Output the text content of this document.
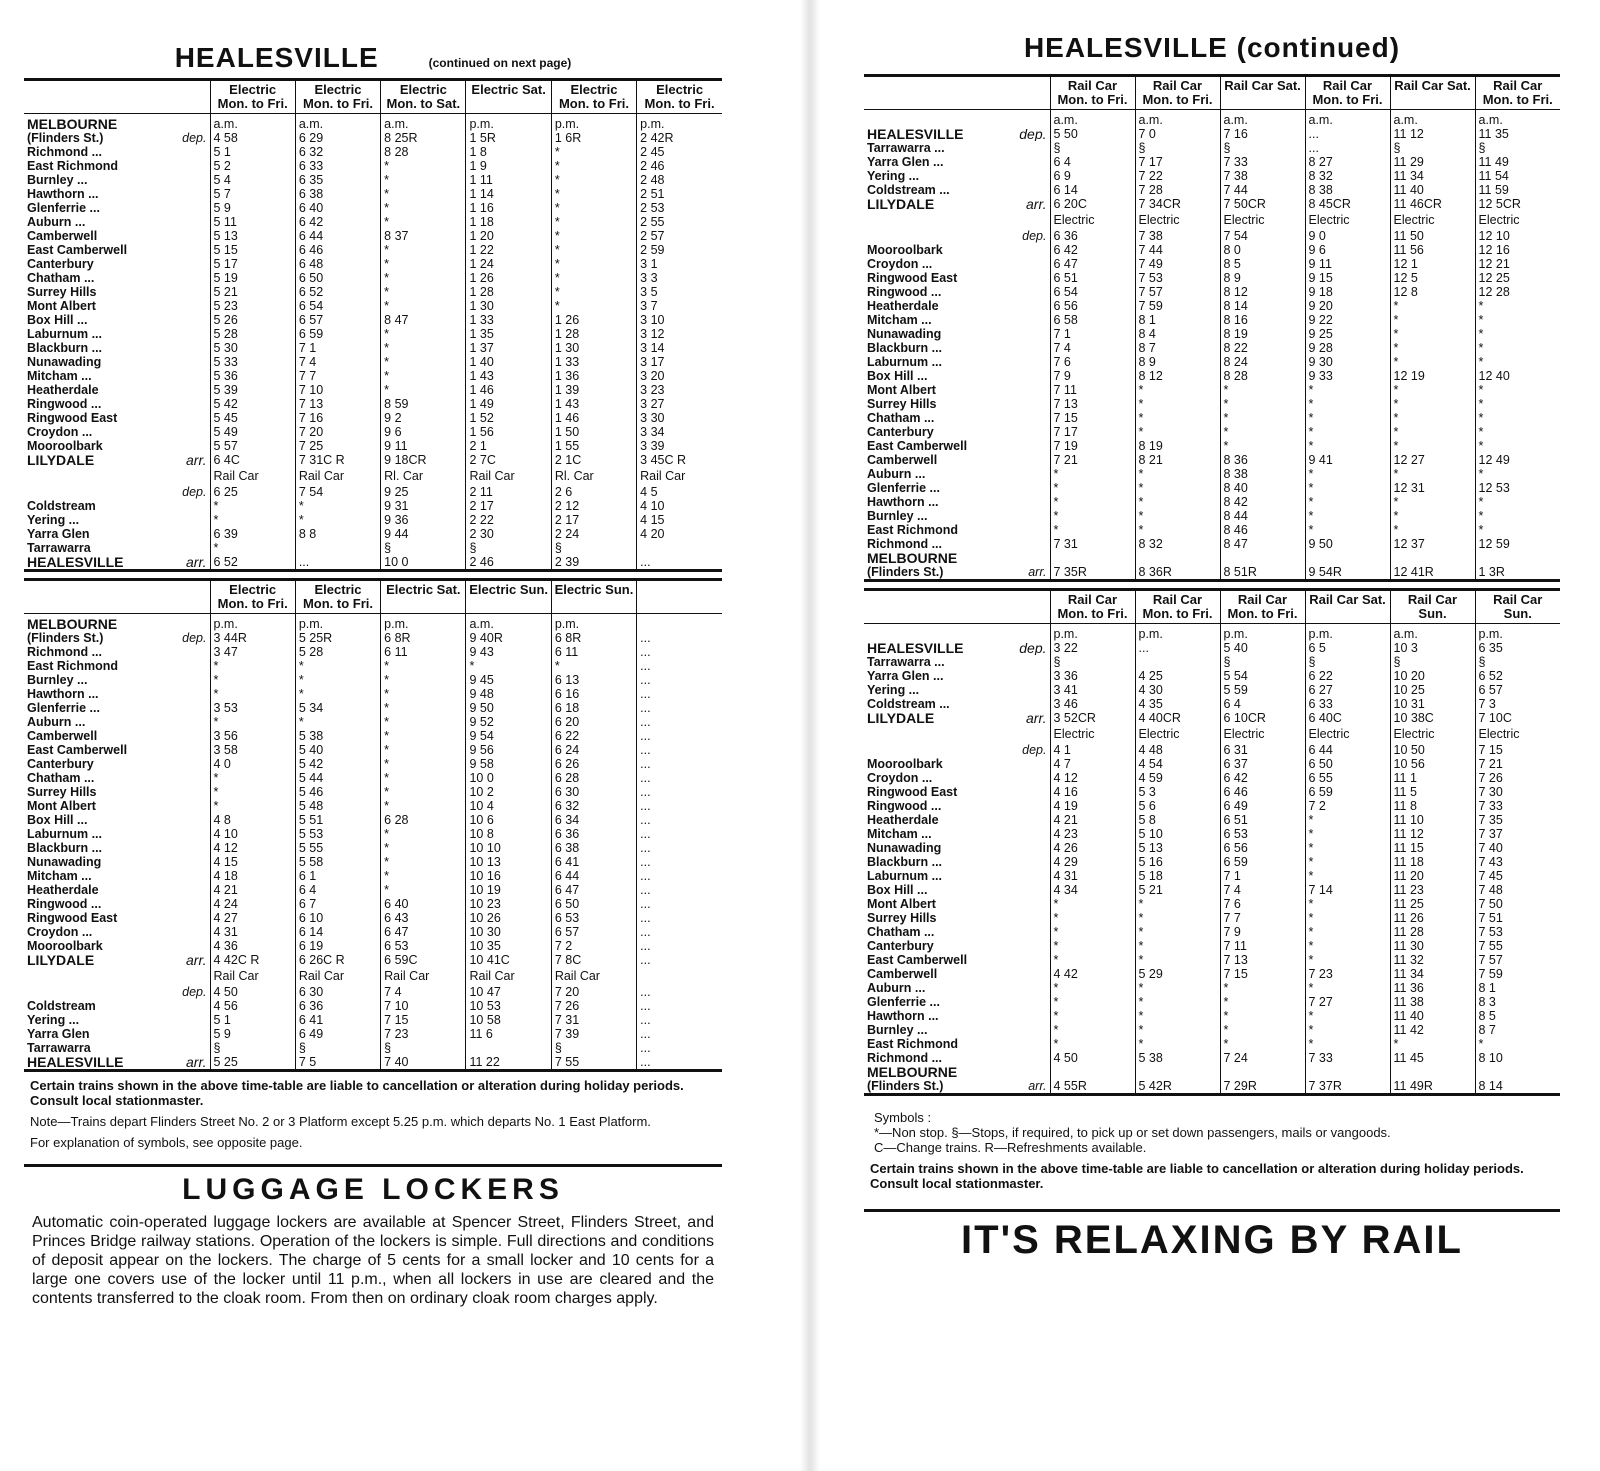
HEALESVILLE	(continued on next page)
	Electric Mon. to Fri.	Electric Mon. to Fri.	Electric Mon. to Sat.	Electric Sat.	Electric Mon. to Fri.	Electric Mon. to Fri.
MELBOURNE	a.m.	a.m.	a.m.	p.m.	p.m.	p.m.
(Flinders St.) dep.	4 58	6 29	8 25R	1 5R	1 6R	2 42R
Richmond ...	5 1	6 32	8 28	1 8	*	2 45
East Richmond	5 2	6 33	*	1 9	*	2 46
Burnley ...	5 4	6 35	*	1 11	*	2 48
Hawthorn ...	5 7	6 38	*	1 14	*	2 51
Glenferrie ...	5 9	6 40	*	1 16	*	2 53
Auburn ...	5 11	6 42	*	1 18	*	2 55
Camberwell	5 13	6 44	8 37	1 20	*	2 57
East Camberwell	5 15	6 46	*	1 22	*	2 59
Canterbury	5 17	6 48	*	1 24	*	3 1
Chatham ...	5 19	6 50	*	1 26	*	3 3
Surrey Hills	5 21	6 52	*	1 28	*	3 5
Mont Albert	5 23	6 54	*	1 30	*	3 7
Box Hill ...	5 26	6 57	8 47	1 33	1 26	3 10
Laburnum ...	5 28	6 59	*	1 35	1 28	3 12
Blackburn ...	5 30	7 1	*	1 37	1 30	3 14
Nunawading	5 33	7 4	*	1 40	1 33	3 17
Mitcham ...	5 36	7 7	*	1 43	1 36	3 20
Heatherdale	5 39	7 10	*	1 46	1 39	3 23
Ringwood ...	5 42	7 13	8 59	1 49	1 43	3 27
Ringwood East	5 45	7 16	9 2	1 52	1 46	3 30
Croydon ...	5 49	7 20	9 6	1 56	1 50	3 34
Mooroolbark	5 57	7 25	9 11	2 1	1 55	3 39
LILYDALE arr.	6 4C	7 31C R	9 18CR	2 7C	2 1C	3 45C R
	Rail Car	Rail Car	Rl. Car	Rail Car	Rl. Car	Rail Car

dep.	6 25	7 54	9 25	2 11	2 6	4 5
Coldstream	*	*	9 31	2 17	2 12	4 10
Yering ...	*	*	9 36	2 22	2 17	4 15
Yarra Glen	6 39	8 8	9 44	2 30	2 24	4 20
Tarrawarra	*		§	§	§	
HEALESVILLE arr.	6 52	...	10 0	2 46	2 39	...
	Electric Mon. to Fri.	Electric Mon. to Fri.	Electric Sat.	Electric Sun.	Electric Sun.	
MELBOURNE	p.m.	p.m.	p.m.	a.m.	p.m.	
(Flinders St.) dep.	3 44R	5 25R	6 8R	9 40R	6 8R	...
Richmond ...	3 47	5 28	6 11	9 43	6 11	...
East Richmond	*	*	*	*	*	...
Burnley ...	*	*	*	9 45	6 13	...
Hawthorn ...	*	*	*	9 48	6 16	...
Glenferrie ...	3 53	5 34	*	9 50	6 18	...
Auburn ...	*	*	*	9 52	6 20	...
Camberwell	3 56	5 38	*	9 54	6 22	...
East Camberwell	3 58	5 40	*	9 56	6 24	...
Canterbury	4 0	5 42	*	9 58	6 26	...
Chatham ...	*	5 44	*	10 0	6 28	...
Surrey Hills	*	5 46	*	10 2	6 30	...
Mont Albert	*	5 48	*	10 4	6 32	...
Box Hill ...	4 8	5 51	6 28	10 6	6 34	...
Laburnum ...	4 10	5 53	*	10 8	6 36	...
Blackburn ...	4 12	5 55	*	10 10	6 38	...
Nunawading	4 15	5 58	*	10 13	6 41	...
Mitcham ...	4 18	6 1	*	10 16	6 44	...
Heatherdale	4 21	6 4	*	10 19	6 47	...
Ringwood ...	4 24	6 7	6 40	10 23	6 50	...
Ringwood East	4 27	6 10	6 43	10 26	6 53	...
Croydon ...	4 31	6 14	6 47	10 30	6 57	...
Mooroolbark	4 36	6 19	6 53	10 35	7 2	...
LILYDALE arr.	4 42C R	6 26C R	6 59C	10 41C	7 8C	...
	Rail Car	Rail Car	Rail Car	Rail Car	Rail Car	

dep.	4 50	6 30	7 4	10 47	7 20	...
Coldstream	4 56	6 36	7 10	10 53	7 26	...
Yering ...	5 1	6 41	7 15	10 58	7 31	...
Yarra Glen	5 9	6 49	7 23	11 6	7 39	...
Tarrawarra	§	§	§		§	...
HEALESVILLE arr.	5 25	7 5	7 40	11 22	7 55	...
Certain trains shown in the above time-table are liable to cancellation or alteration during holiday periods. Consult local stationmaster.
Note—Trains depart Flinders Street No. 2 or 3 Platform except 5.25 p.m. which departs No. 1 East Platform.
For explanation of symbols, see opposite page.
LUGGAGE LOCKERS
Automatic coin-operated luggage lockers are available at Spencer Street, Flinders Street, and Princes Bridge railway stations. Operation of the lockers is simple. Full directions and conditions of deposit appear on the lockers. The charge of 5 cents for a small locker and 10 cents for a large one covers use of the locker until 11 p.m., when all lockers in use are cleared and the contents transferred to the cloak room. From then on ordinary cloak room charges apply.
HEALESVILLE (continued)
	Rail Car Mon. to Fri.	Rail Car Mon. to Fri.	Rail Car Sat.	Rail Car Mon. to Fri.	Rail Car Sat.	Rail Car Mon. to Fri.
	a.m.	a.m.	a.m.	a.m.	a.m.	a.m.
HEALESVILLE dep.	5 50	7 0	7 16	...	11 12	11 35
Tarrawarra ...	§	§	§	...	§	§
Yarra Glen ...	6 4	7 17	7 33	8 27	11 29	11 49
Yering ...	6 9	7 22	7 38	8 32	11 34	11 54
Coldstream ...	6 14	7 28	7 44	8 38	11 40	11 59
LILYDALE arr.	6 20C	7 34CR	7 50CR	8 45CR	11 46CR	12 5CR
	Electric	Electric	Electric	Electric	Electric	Electric

dep.	6 36	7 38	7 54	9 0	11 50	12 10
Mooroolbark	6 42	7 44	8 0	9 6	11 56	12 16
Croydon ...	6 47	7 49	8 5	9 11	12 1	12 21
Ringwood East	6 51	7 53	8 9	9 15	12 5	12 25
Ringwood ...	6 54	7 57	8 12	9 18	12 8	12 28
Heatherdale	6 56	7 59	8 14	9 20	*	*
Mitcham ...	6 58	8 1	8 16	9 22	*	*
Nunawading	7 1	8 4	8 19	9 25	*	*
Blackburn ...	7 4	8 7	8 22	9 28	*	*
Laburnum ...	7 6	8 9	8 24	9 30	*	*
Box Hill ...	7 9	8 12	8 28	9 33	12 19	12 40
Mont Albert	7 11	*	*	*	*	*
Surrey Hills	7 13	*	*	*	*	*
Chatham ...	7 15	*	*	*	*	*
Canterbury	7 17	*	*	*	*	*
East Camberwell	7 19	8 19	*	*	*	*
Camberwell	7 21	8 21	8 36	9 41	12 27	12 49
Auburn ...	*	*	8 38	*	*	*
Glenferrie ...	*	*	8 40	*	12 31	12 53
Hawthorn ...	*	*	8 42	*	*	*
Burnley ...	*	*	8 44	*	*	*
East Richmond	*	*	8 46	*	*	*
Richmond ...	7 31	8 32	8 47	9 50	12 37	12 59
MELBOURNE						
(Flinders St.) arr.	7 35R	8 36R	8 51R	9 54R	12 41R	1 3R
	Rail Car Mon. to Fri.	Rail Car Mon. to Fri.	Rail Car Mon. to Fri.	Rail Car Sat.	Rail Car Sun.	Rail Car Sun.
	p.m.	p.m.	p.m.	p.m.	a.m.	p.m.
HEALESVILLE dep.	3 22	...	5 40	6 5	10 3	6 35
Tarrawarra ...	§		§	§	§	§
Yarra Glen ...	3 36	4 25	5 54	6 22	10 20	6 52
Yering ...	3 41	4 30	5 59	6 27	10 25	6 57
Coldstream ...	3 46	4 35	6 4	6 33	10 31	7 3
LILYDALE arr.	3 52CR	4 40CR	6 10CR	6 40C	10 38C	7 10C
	Electric	Electric	Electric	Electric	Electric	Electric

dep.	4 1	4 48	6 31	6 44	10 50	7 15
Mooroolbark	4 7	4 54	6 37	6 50	10 56	7 21
Croydon ...	4 12	4 59	6 42	6 55	11 1	7 26
Ringwood East	4 16	5 3	6 46	6 59	11 5	7 30
Ringwood ...	4 19	5 6	6 49	7 2	11 8	7 33
Heatherdale	4 21	5 8	6 51	*	11 10	7 35
Mitcham ...	4 23	5 10	6 53	*	11 12	7 37
Nunawading	4 26	5 13	6 56	*	11 15	7 40
Blackburn ...	4 29	5 16	6 59	*	11 18	7 43
Laburnum ...	4 31	5 18	7 1	*	11 20	7 45
Box Hill ...	4 34	5 21	7 4	7 14	11 23	7 48
Mont Albert	*	*	7 6	*	11 25	7 50
Surrey Hills	*	*	7 7	*	11 26	7 51
Chatham ...	*	*	7 9	*	11 28	7 53
Canterbury	*	*	7 11	*	11 30	7 55
East Camberwell	*	*	7 13	*	11 32	7 57
Camberwell	4 42	5 29	7 15	7 23	11 34	7 59
Auburn ...	*	*	*	*	11 36	8 1
Glenferrie ...	*	*	*	7 27	11 38	8 3
Hawthorn ...	*	*	*	*	11 40	8 5
Burnley ...	*	*	*	*	11 42	8 7
East Richmond	*	*	*	*	*	*
Richmond ...	4 50	5 38	7 24	7 33	11 45	8 10
MELBOURNE						
(Flinders St.) arr.	4 55R	5 42R	7 29R	7 37R	11 49R	8 14
Symbols :
*—Non stop. §—Stops, if required, to pick up or set down passengers, mails or vangoods.
C—Change trains. R—Refreshments available.
Certain trains shown in the above time-table are liable to cancellation or alteration during holiday periods. Consult local stationmaster.
IT'S RELAXING BY RAIL
